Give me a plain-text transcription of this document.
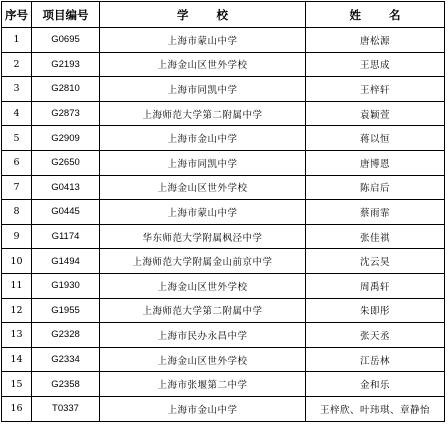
序号	项目编号	学 校	姓 名
1	G0695	上海市蒙山中学	唐松源
2	G2193	上海金山区世外学校	王思成
3	G2810	上海市同凯中学	王梓轩
4	G2873	上海师范大学第二附属中学	袁颖萱
5	G2909	上海市金山中学	蒋以恒
6	G2650	上海市同凯中学	唐博恩
7	G0413	上海金山区世外学校	陈启后
8	G0445	上海市蒙山中学	蔡雨霏
9	G1174	华东师范大学附属枫泾中学	张佳祺
10	G1494	上海师范大学附属金山前京中学	沈云昊
11	G1930	上海金山区世外学校	周禹轩
12	G1955	上海师范大学第二附属中学	朱即彤
13	G2328	上海市民办永昌中学	张天丞
14	G2334	上海金山区世外学校	江岳林
15	G2358	上海市张堰第二中学	金和乐
16	T0337	上海市金山中学	王梓欣、叶玮琪、章静怡
